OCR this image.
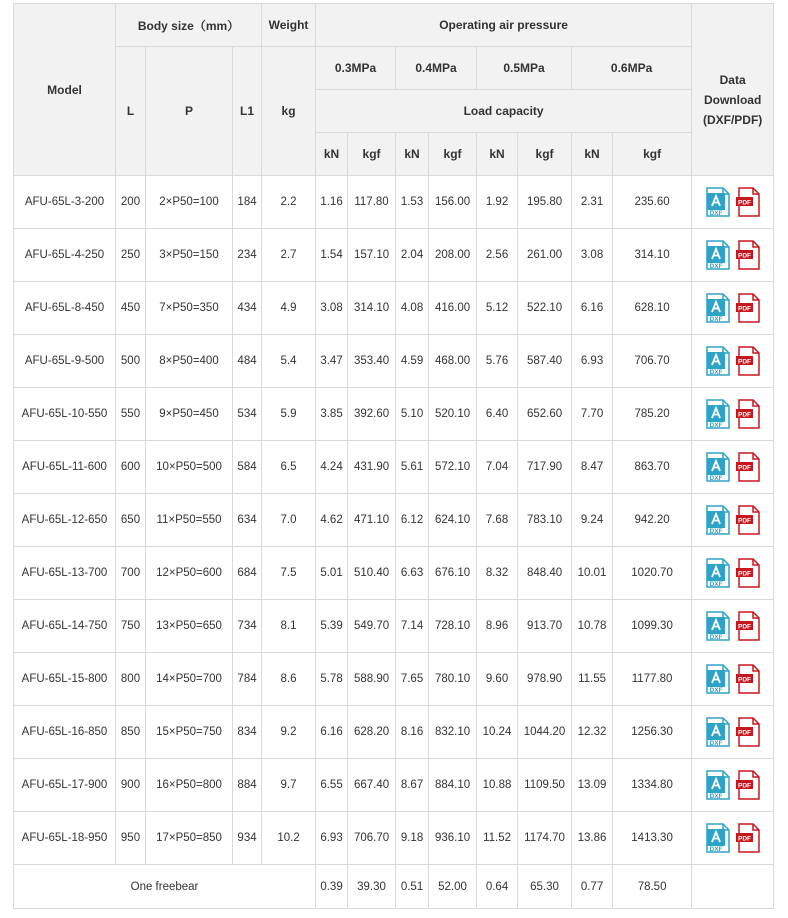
Model	Body size（mm）			Weight	Operating air pressure								Data
Download
(DXF/PDF)

	L	P	L1	kg	0.3MPa		0.4MPa		0.5MPa		0.6MPa		
					Load capacity								
					kN	kgf	kN	kgf	kN	kgf	kN	kgf	
AFU-65L-3-200	200	2×P50=100	184	2.2	1.16	117.80	1.53	156.00	1.92	195.80	2.31	235.60	DXF
PDF

AFU-65L-4-250	250	3×P50=150	234	2.7	1.54	157.10	2.04	208.00	2.56	261.00	3.08	314.10	DXF
PDF

AFU-65L-8-450	450	7×P50=350	434	4.9	3.08	314.10	4.08	416.00	5.12	522.10	6.16	628.10	DXF
PDF

AFU-65L-9-500	500	8×P50=400	484	5.4	3.47	353.40	4.59	468.00	5.76	587.40	6.93	706.70	DXF
PDF

AFU-65L-10-550	550	9×P50=450	534	5.9	3.85	392.60	5.10	520.10	6.40	652.60	7.70	785.20	DXF
PDF

AFU-65L-11-600	600	10×P50=500	584	6.5	4.24	431.90	5.61	572.10	7.04	717.90	8.47	863.70	DXF
PDF

AFU-65L-12-650	650	11×P50=550	634	7.0	4.62	471.10	6.12	624.10	7.68	783.10	9.24	942.20	DXF
PDF

AFU-65L-13-700	700	12×P50=600	684	7.5	5.01	510.40	6.63	676.10	8.32	848.40	10.01	1020.70	DXF
PDF

AFU-65L-14-750	750	13×P50=650	734	8.1	5.39	549.70	7.14	728.10	8.96	913.70	10.78	1099.30	DXF
PDF

AFU-65L-15-800	800	14×P50=700	784	8.6	5.78	588.90	7.65	780.10	9.60	978.90	11.55	1177.80	DXF
PDF

AFU-65L-16-850	850	15×P50=750	834	9.2	6.16	628.20	8.16	832.10	10.24	1044.20	12.32	1256.30	DXF
PDF

AFU-65L-17-900	900	16×P50=800	884	9.7	6.55	667.40	8.67	884.10	10.88	1109.50	13.09	1334.80	DXF
PDF

AFU-65L-18-950	950	17×P50=850	934	10.2	6.93	706.70	9.18	936.10	11.52	1174.70	13.86	1413.30	DXF
PDF

One freebear					0.39	39.30	0.51	52.00	0.64	65.30	0.77	78.50	
